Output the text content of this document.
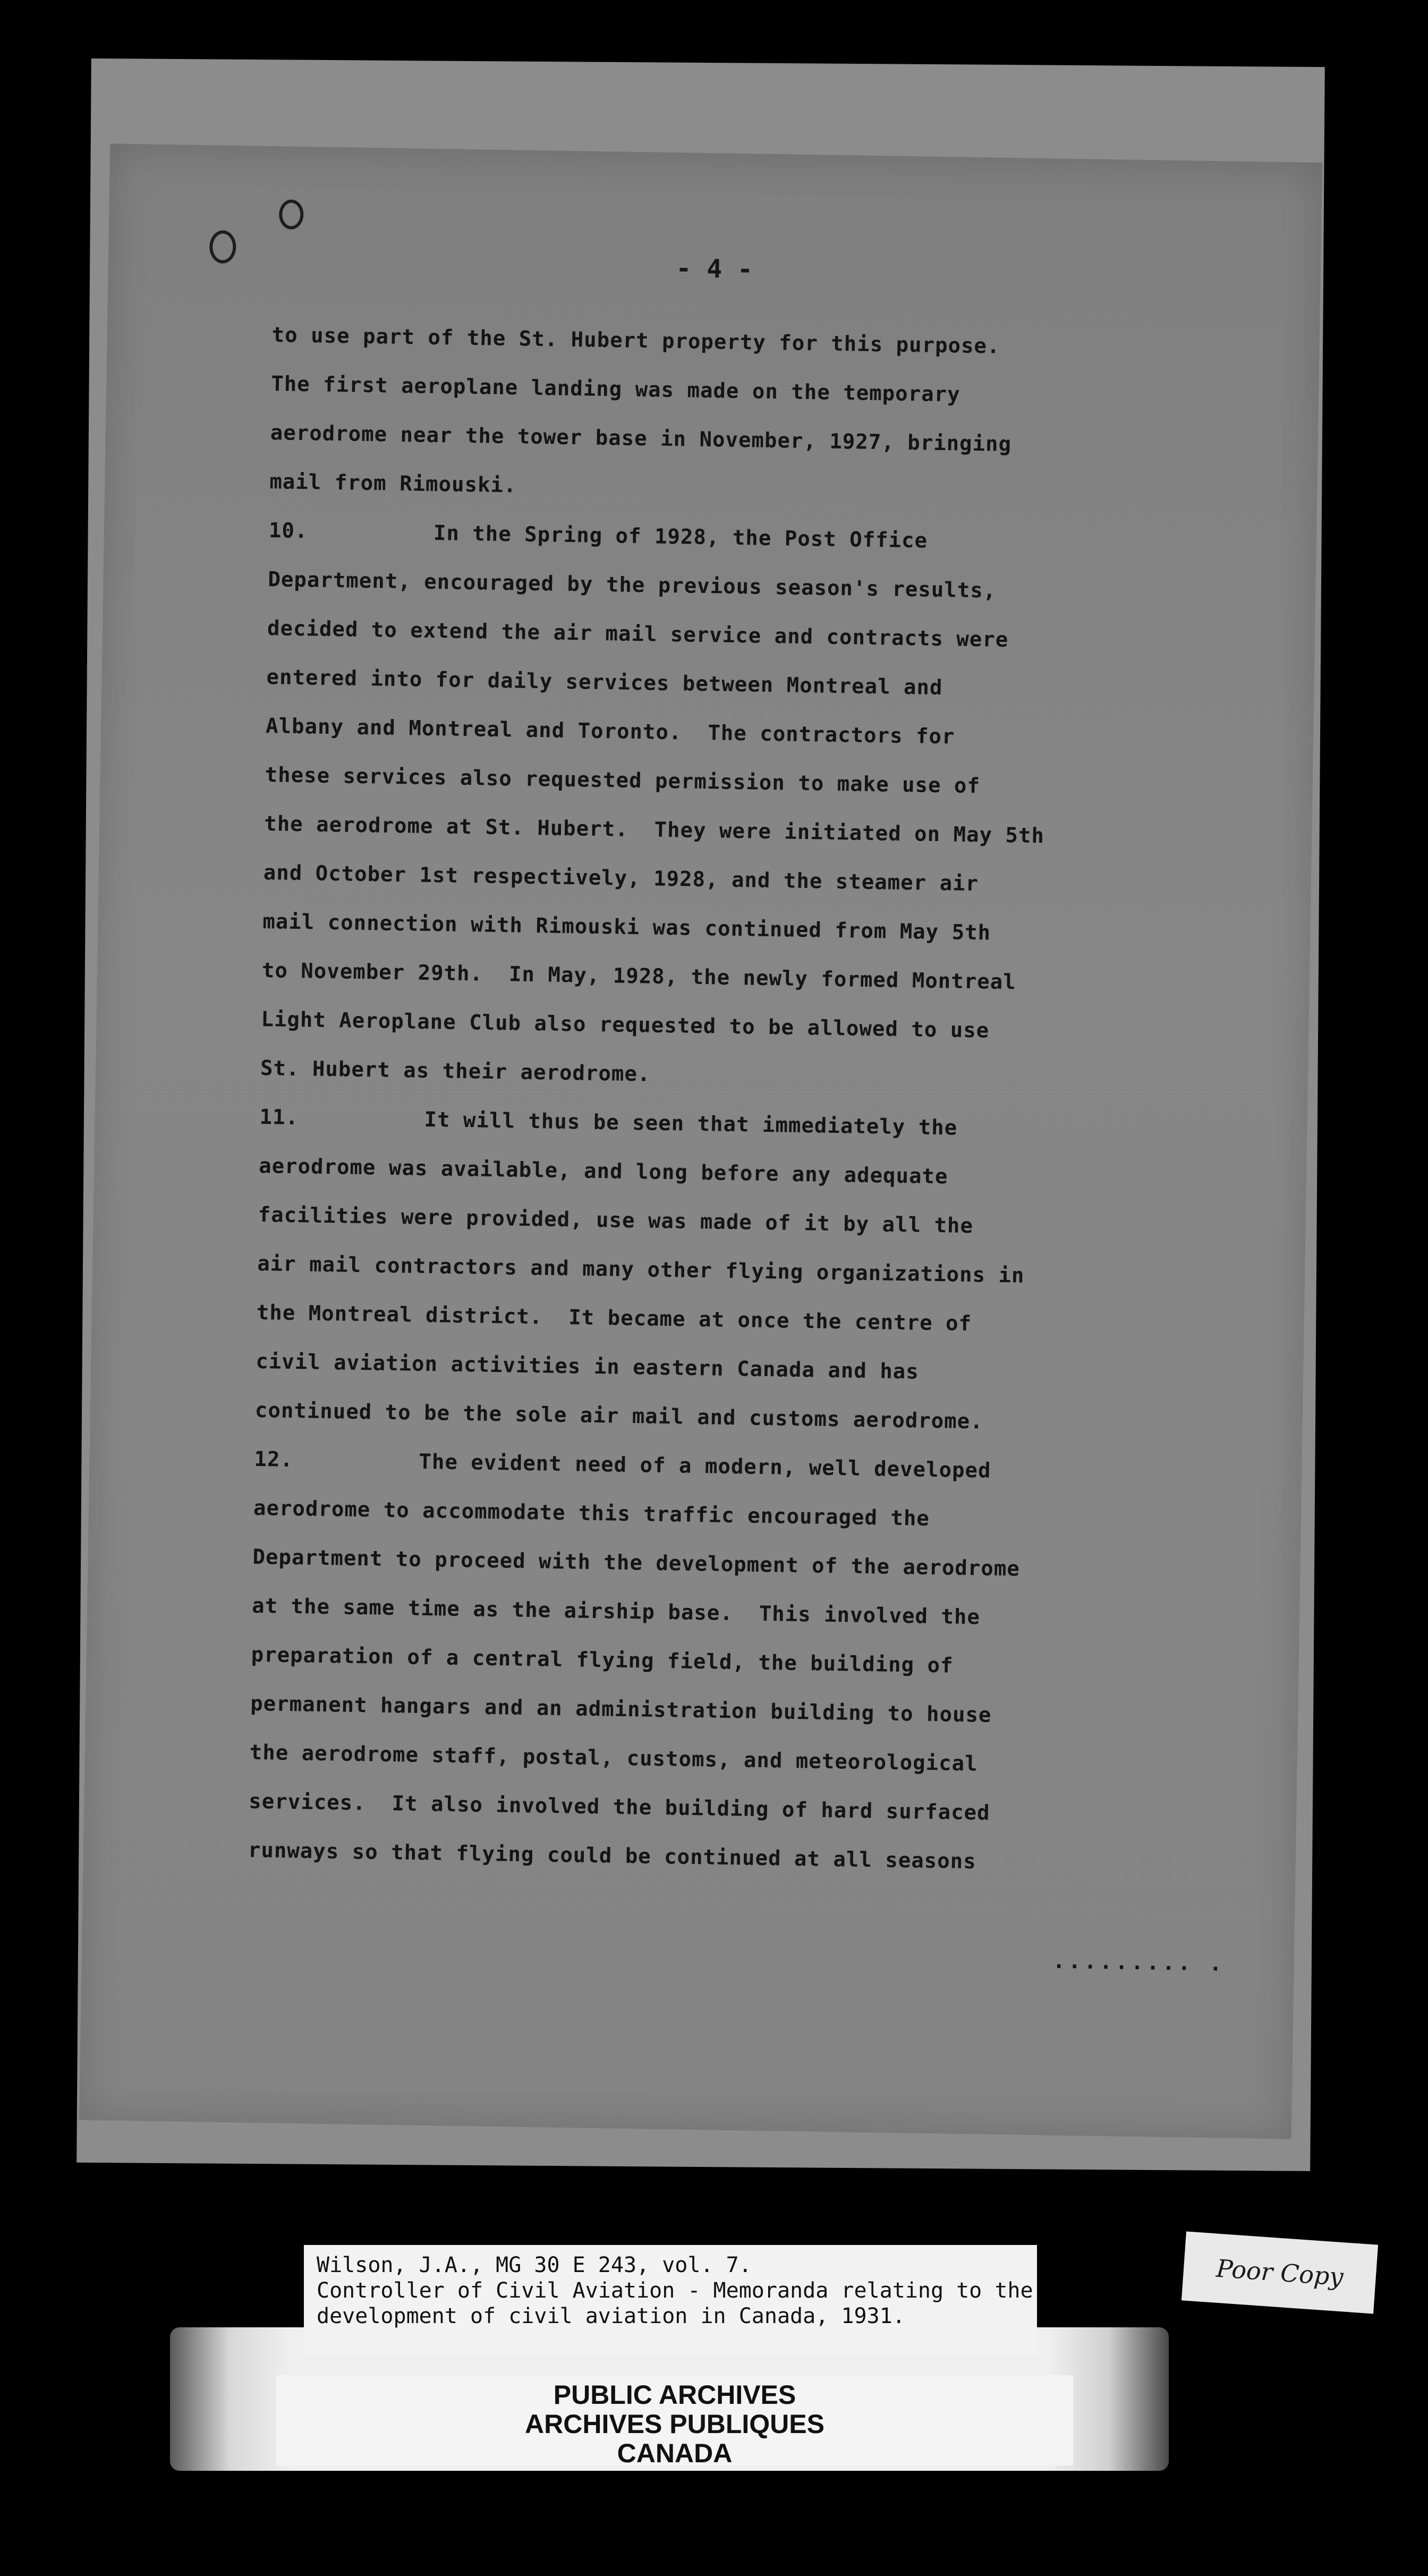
- 4 -
to use part of the St. Hubert property for this purpose.
The first aeroplane landing was made on the temporary
aerodrome near the tower base in November, 1927, bringing
mail from Rimouski.
10.	In the Spring of 1928, the Post Office
Department, encouraged by the previous season's results,
decided to extend the air mail service and contracts were
entered into for daily services between Montreal and
Albany and Montreal and Toronto.  The contractors for
these services also requested permission to make use of
the aerodrome at St. Hubert.  They were initiated on May 5th
and October 1st respectively, 1928, and the steamer air
mail connection with Rimouski was continued from May 5th
to November 29th.  In May, 1928, the newly formed Montreal
Light Aeroplane Club also requested to be allowed to use
St. Hubert as their aerodrome.
11.	It will thus be seen that immediately the
aerodrome was available, and long before any adequate
facilities were provided, use was made of it by all the
air mail contractors and many other flying organizations in
the Montreal district.  It became at once the centre of
civil aviation activities in eastern Canada and has
continued to be the sole air mail and customs aerodrome.
12.	The evident need of a modern, well developed
aerodrome to accommodate this traffic encouraged the
Department to proceed with the development of the aerodrome
at the same time as the airship base.  This involved the
preparation of a central flying field, the building of
permanent hangars and an administration building to house
the aerodrome staff, postal, customs, and meteorological
services.  It also involved the building of hard surfaced
runways so that flying could be continued at all seasons
......... .
PUBLIC ARCHIVES
ARCHIVES PUBLIQUES
CANADA
Wilson, J.A., MG 30 E 243, vol. 7.
Controller of Civil Aviation - Memoranda relating to the
development of civil aviation in Canada, 1931.
Poor Copy
